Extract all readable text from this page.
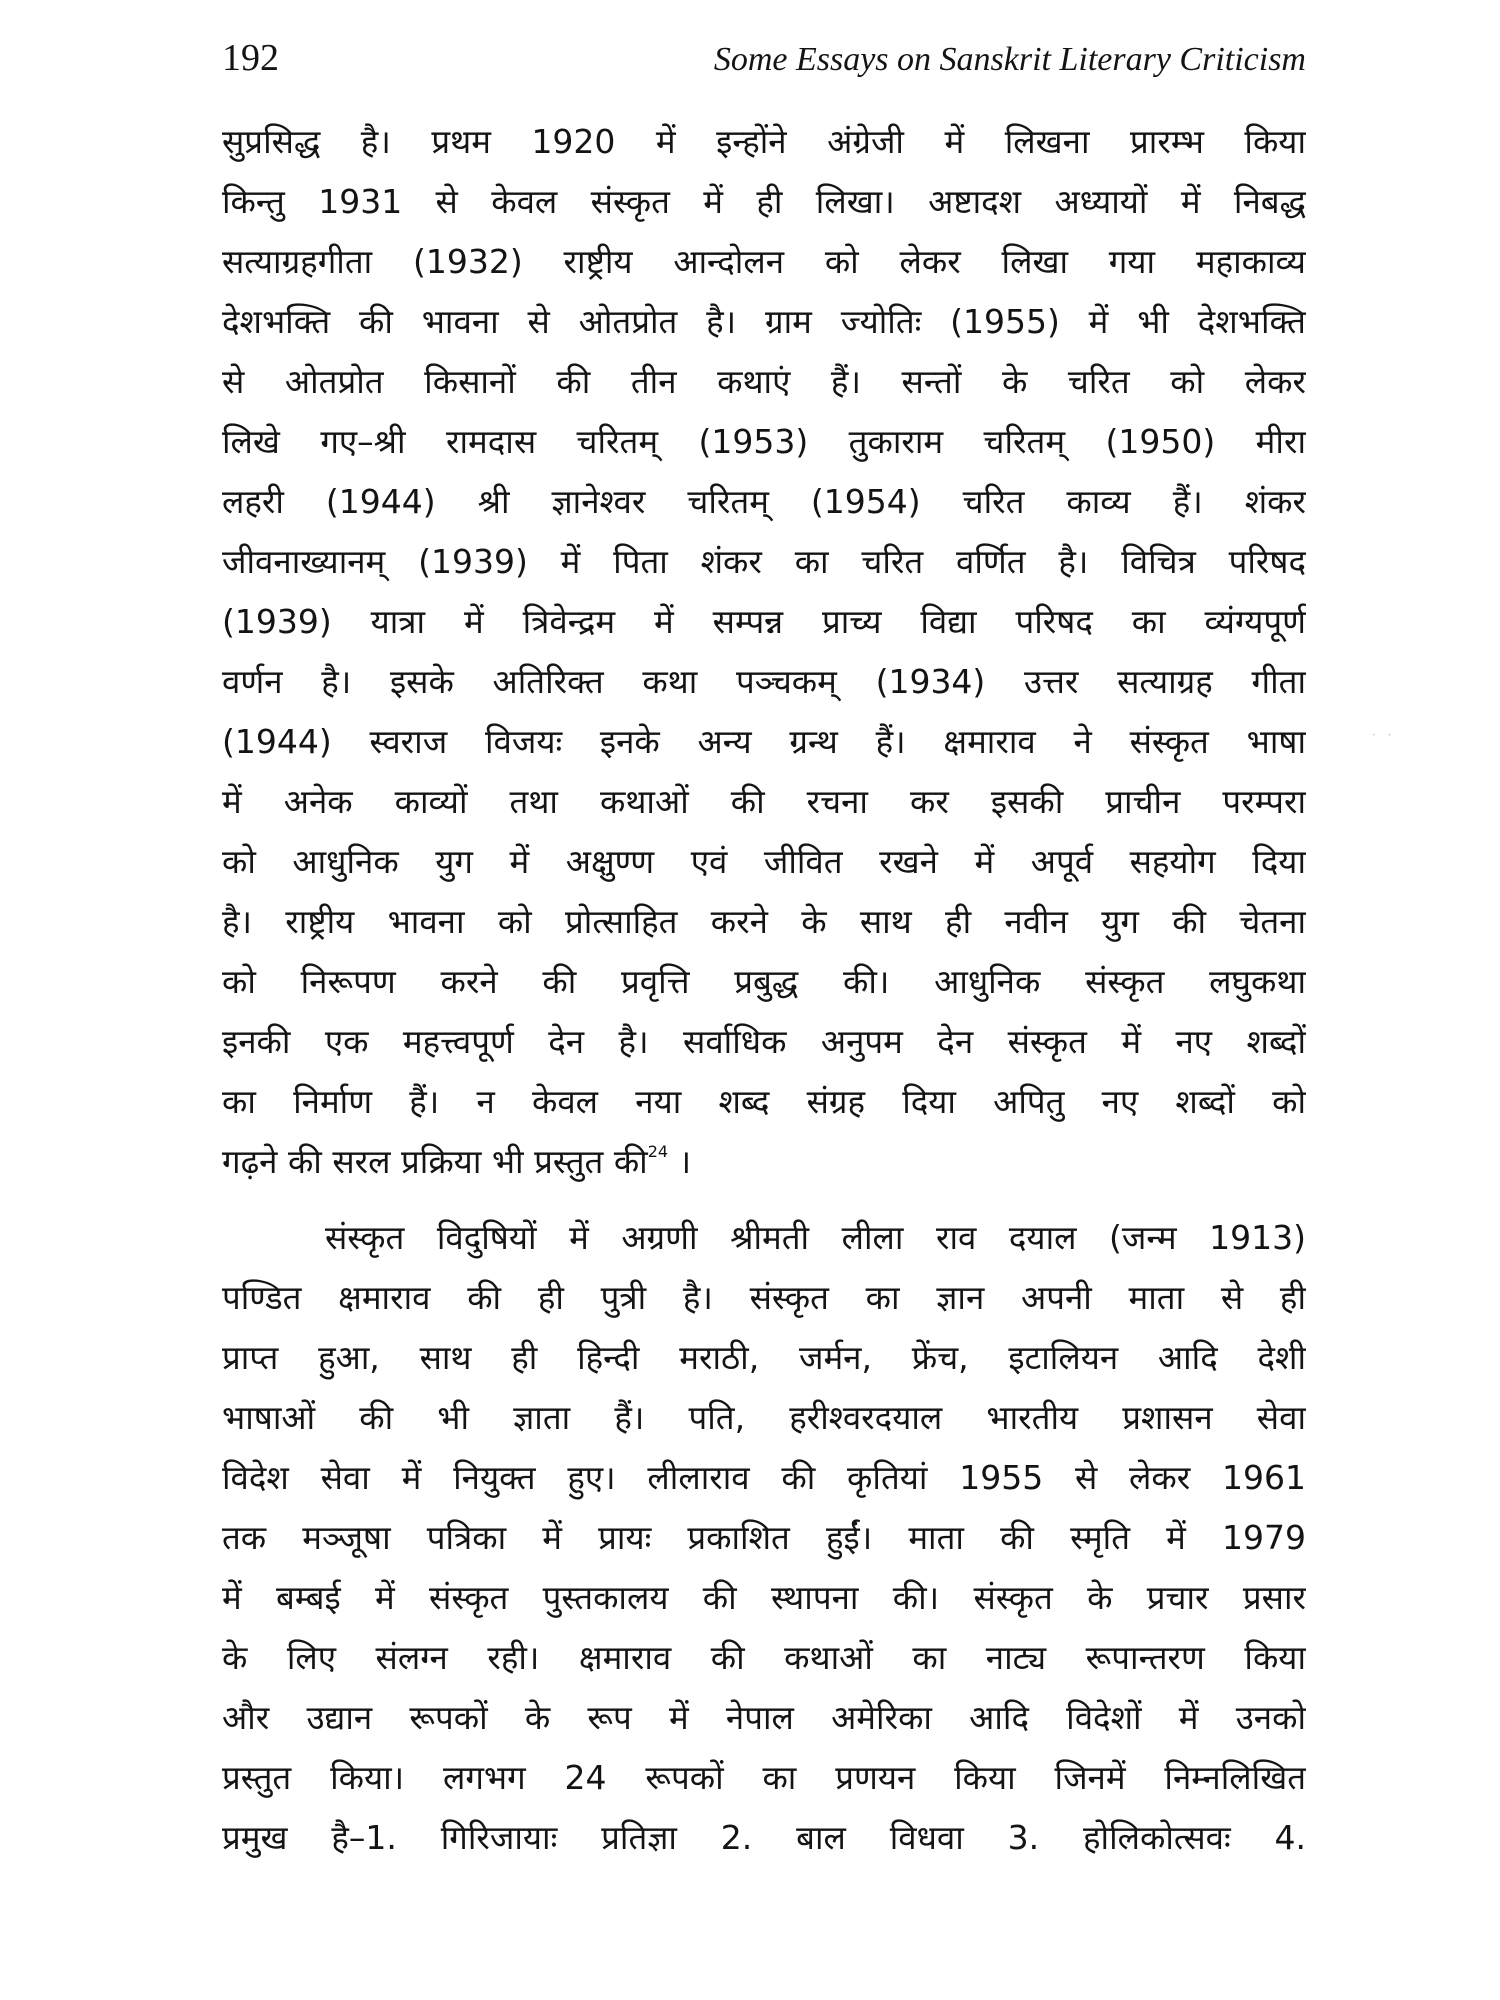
192	Some Essays on Sanskrit Literary Criticism
· ·
सुप्रसिद्ध है। प्रथम 1920 में इन्होंने अंग्रेजी में लिखना प्रारम्भ किया
किन्तु 1931 से केवल संस्कृत में ही लिखा। अष्टादश अध्यायों में निबद्ध
सत्याग्रहगीता (1932) राष्ट्रीय आन्दोलन को लेकर लिखा गया महाकाव्य
देशभक्ति की भावना से ओतप्रोत है। ग्राम ज्योतिः (1955) में भी देशभक्ति
से ओतप्रोत किसानों की तीन कथाएं हैं। सन्तों के चरित को लेकर
लिखे गए–श्री रामदास चरितम् (1953) तुकाराम चरितम् (1950) मीरा
लहरी (1944) श्री ज्ञानेश्वर चरितम् (1954) चरित काव्य हैं। शंकर
जीवनाख्यानम् (1939) में पिता शंकर का चरित वर्णित है। विचित्र परिषद
(1939) यात्रा में त्रिवेन्द्रम में सम्पन्न प्राच्य विद्या परिषद का व्यंग्यपूर्ण
वर्णन है। इसके अतिरिक्त कथा पञ्चकम् (1934) उत्तर सत्याग्रह गीता
(1944) स्वराज विजयः इनके अन्य ग्रन्थ हैं। क्षमाराव ने संस्कृत भाषा
में अनेक काव्यों तथा कथाओं की रचना कर इसकी प्राचीन परम्परा
को आधुनिक युग में अक्षुण्ण एवं जीवित रखने में अपूर्व सहयोग दिया
है। राष्ट्रीय भावना को प्रोत्साहित करने के साथ ही नवीन युग की चेतना
को निरूपण करने की प्रवृत्ति प्रबुद्ध की। आधुनिक संस्कृत लघुकथा
इनकी एक महत्त्वपूर्ण देन है। सर्वाधिक अनुपम देन संस्कृत में नए शब्दों
का निर्माण हैं। न केवल नया शब्द संग्रह दिया अपितु नए शब्दों को
गढ़ने की सरल प्रक्रिया भी प्रस्तुत की$^{24}$ ।
संस्कृत विदुषियों में अग्रणी श्रीमती लीला राव दयाल (जन्म 1913)
पण्डित क्षमाराव की ही पुत्री है। संस्कृत का ज्ञान अपनी माता से ही
प्राप्त हुआ, साथ ही हिन्दी मराठी, जर्मन, फ्रेंच, इटालियन आदि देशी
भाषाओं की भी ज्ञाता हैं। पति, हरीश्वरदयाल भारतीय प्रशासन सेवा
विदेश सेवा में नियुक्त हुए। लीलाराव की कृतियां 1955 से लेकर 1961
तक मञ्जूषा पत्रिका में प्रायः प्रकाशित हुईं। माता की स्मृति में 1979
में बम्बई में संस्कृत पुस्तकालय की स्थापना की। संस्कृत के प्रचार प्रसार
के लिए संलग्न रही। क्षमाराव की कथाओं का नाट्य रूपान्तरण किया
और उद्यान रूपकों के रूप में नेपाल अमेरिका आदि विदेशों में उनको
प्रस्तुत किया। लगभग 24 रूपकों का प्रणयन किया जिनमें निम्नलिखित
प्रमुख है–1. गिरिजायाः प्रतिज्ञा 2. बाल विधवा 3. होलिकोत्सवः 4.
